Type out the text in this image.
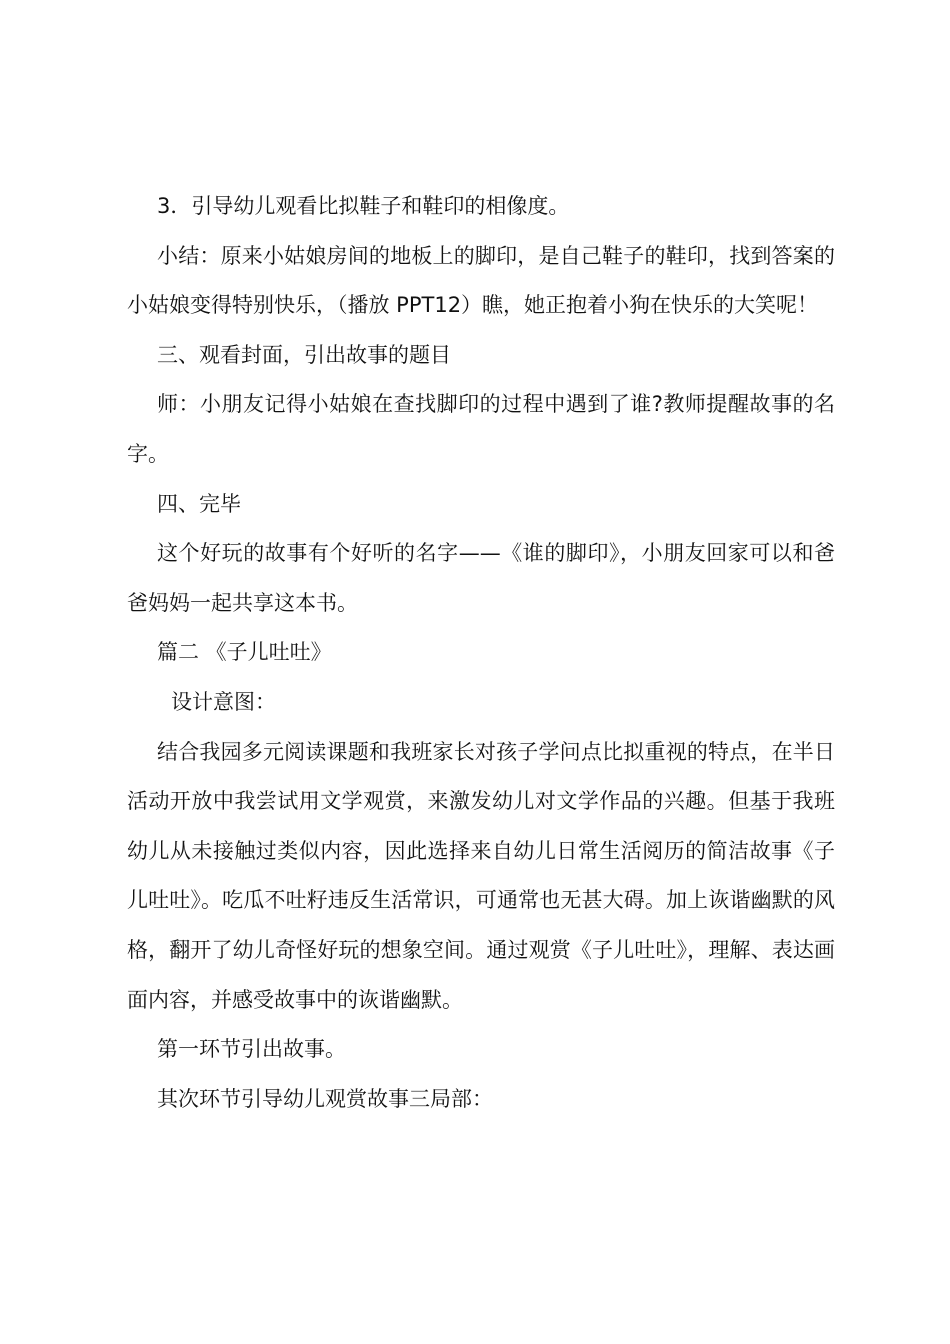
3．引导幼儿观看比拟鞋子和鞋印的相像度。

小结：原来小姑娘房间的地板上的脚印，是自己鞋子的鞋印，找到答案的小姑娘变得特别快乐，（播放 PPT12）瞧，她正抱着小狗在快乐的大笑呢！

三、观看封面，引出故事的题目

师：小朋友记得小姑娘在查找脚印的过程中遇到了谁?教师提醒故事的名字。

四、完毕

这个好玩的故事有个好听的名字——《谁的脚印》，小朋友回家可以和爸爸妈妈一起共享这本书。

篇二 《子儿吐吐》

设计意图：

结合我园多元阅读课题和我班家长对孩子学问点比拟重视的特点，在半日活动开放中我尝试用文学观赏，来激发幼儿对文学作品的兴趣。但基于我班幼儿从未接触过类似内容，因此选择来自幼儿日常生活阅历的简洁故事《子儿吐吐》。吃瓜不吐籽违反生活常识，可通常也无甚大碍。加上诙谐幽默的风格，翻开了幼儿奇怪好玩的想象空间。通过观赏《子儿吐吐》，理解、表达画面内容，并感受故事中的诙谐幽默。

第一环节引出故事。

其次环节引导幼儿观赏故事三局部：
